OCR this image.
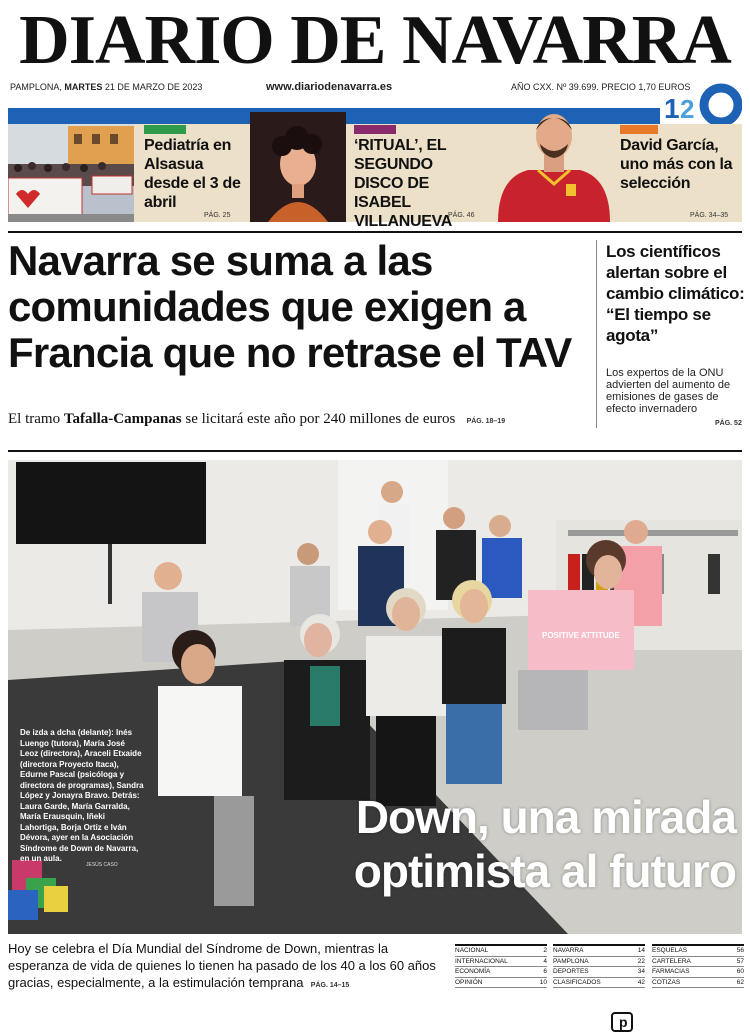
DIARIO DE NAVARRA
PAMPLONA, MARTES 21 DE MARZO DE 2023	www.diariodenavarra.es	AÑO CXX. Nº 39.699. PRECIO 1,70 EUROS
1 2
Pediatría en Alsasua desde el 3 de abril
PÁG. 25
‘RITUAL’, EL SEGUNDO DISCO DE ISABEL VILLANUEVA
PÁG. 46
David García, uno más con la selección
PÁG. 34–35
Navarra se suma a las comunidades que exigen a Francia que no retrase el TAV
El tramo Tafalla-Campanas se licitará este año por 240 millones de euros PÁG. 18–19
Los científicos alertan sobre el cambio climático: “El tiempo se agota”
Los expertos de la ONU advierten del aumento de emisiones de gases de efecto invernadero
PÁG. 52
POSITIVE ATTITUDE
De izda a dcha (delante): Inés Luengo (tutora), María José Leoz (directora), Araceli Etxaide (directora Proyecto Itaca), Edurne Pascal (psicóloga y directora de programas), Sandra López y Jonayra Bravo. Detrás: Laura Garde, María Garralda, María Erausquin, Iñeki Lahortiga, Borja Ortiz e Iván Dévora, ayer en la Asociación Síndrome de Down de Navarra, en un aula.
JESÚS CASO
Down, una mirada
optimista al futuro
Hoy se celebra el Día Mundial del Síndrome de Down, mientras la esperanza de vida de quienes lo tienen ha pasado de los 40 a los 60 años gracias, especialmente, a la estimulación temprana PÁG. 14–15
NACIONAL	2
INTERNACIONAL	4
ECONOMÍA	6
OPINIÓN	10
NAVARRA	14
PAMPLONA	22
DEPORTES	34
CLASIFICADOS	42
ESQUELAS	56
CARTELERA	57
FARMACIAS	60
COTIZAS	62
p
